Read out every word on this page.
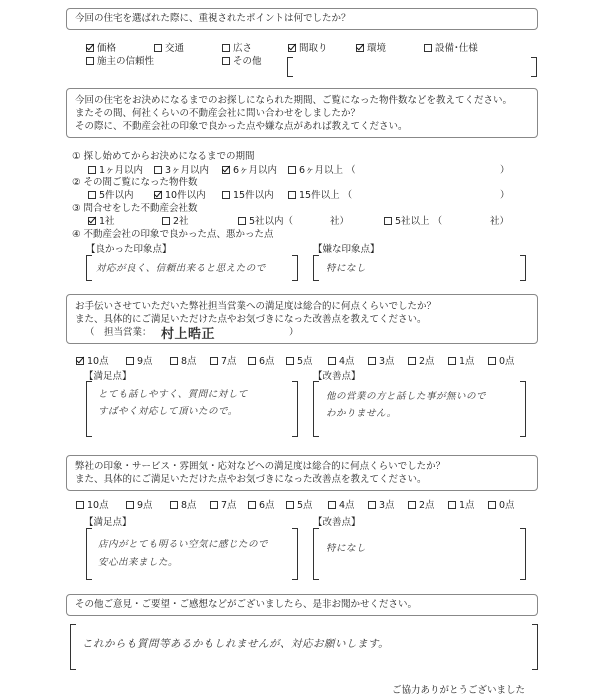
今回の住宅を選ばれた際に、重視されたポイントは何でしたか？
価格	交通	広さ	間取り	環境	設備･仕様
施主の信頼性	その他
今回の住宅をお決めになるまでのお探しになられた期間、ご覧になった物件数などを教えてください。
またその間、何社くらいの不動産会社に問い合わせをしましたか？
その際に、不動産会社の印象で良かった点や嫌な点があれば教えてください。
① 探し始めてからお決めになるまでの期間
1ヶ月以内	3ヶ月以内	6ヶ月以内	6ヶ月以上 （	）
② その間ご覧になった物件数
5件以内	10件以内	15件以内	15件以上 （	）
③ 問合せをした不動産会社数
1社	2社	5社以内（	5社以上 （
社）	社）
④ 不動産会社の印象で良かった点、悪かった点
【良かった印象点】
対応が良く、信頼出来ると思えたので
【嫌な印象点】
特になし
お手伝いさせていただいた弊社担当営業への満足度は総合的に何点くらいでしたか？
また、具体的にご満足いただけた点やお気づきになった改善点を教えてください。
（　担当営業： 村上晧正	）
10点	9点	8点	7点	6点	5点	4点	3点	2点	1点	0点
【満足点】
とても話しやすく、質問に対して
すばやく対応して頂いたので。
【改善点】
他の営業の方と話した事が無いので
わかりません。
弊社の印象・サービス・雰囲気・応対などへの満足度は総合的に何点くらいでしたか？
また、具体的にご満足いただけた点やお気づきになった改善点を教えてください。
10点	9点	8点	7点	6点	5点	4点	3点	2点	1点	0点
【満足点】
店内がとても明るい空気に感じたので
安心出来ました。
【改善点】
特になし
その他ご意見・ご要望・ご感想などがございましたら、是非お聞かせください。
これからも質問等あるかもしれませんが、対応お願いします。
ご協力ありがとうございました
